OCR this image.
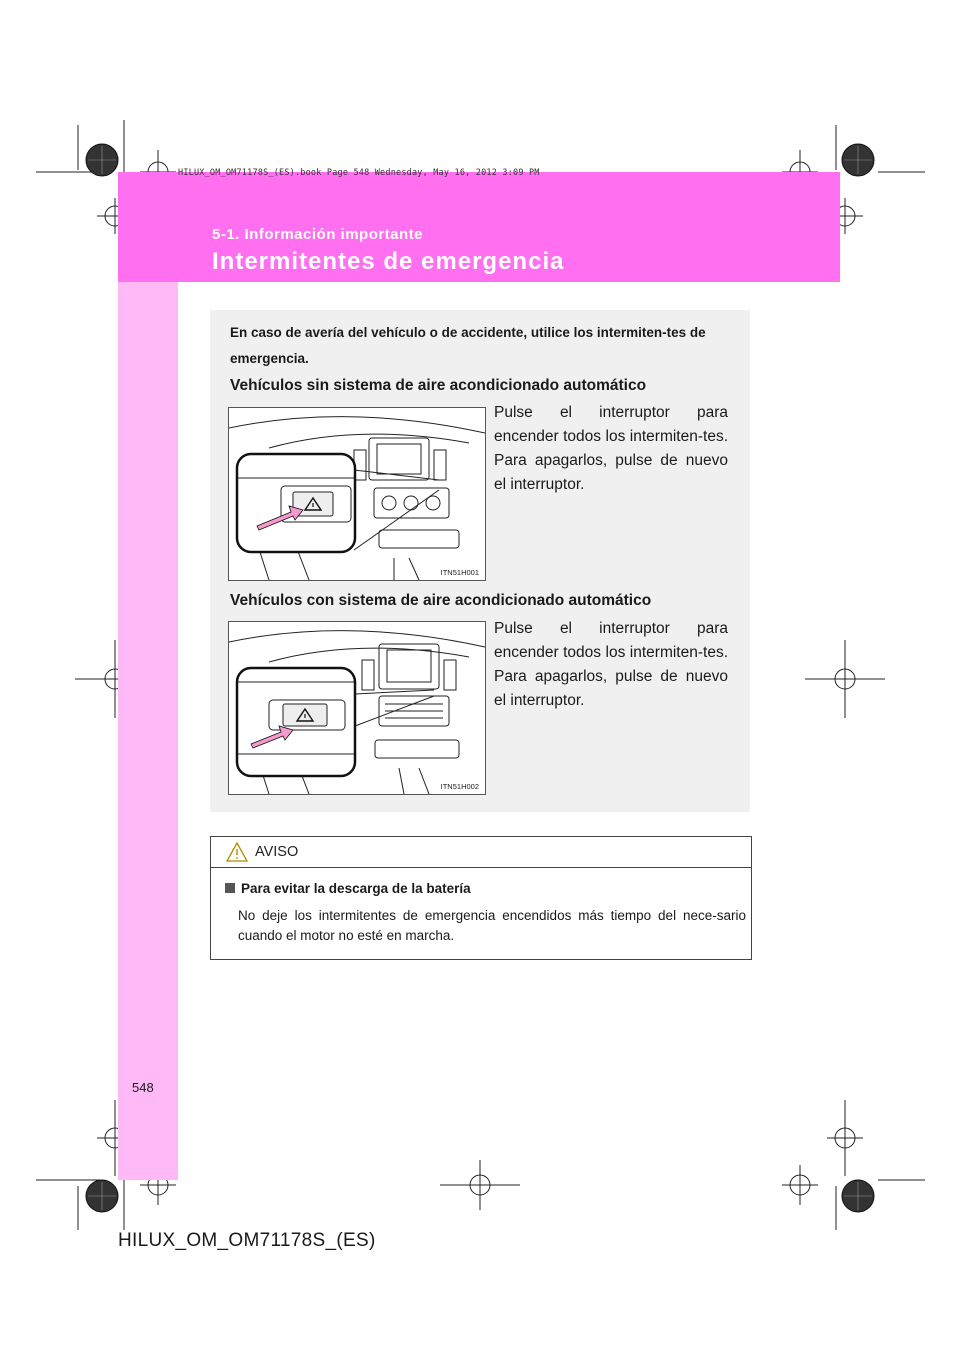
HILUX_OM_OM71178S_(ES).book Page 548 Wednesday, May 16, 2012 3:09 PM
5-1. Información importante
Intermitentes de emergencia
En caso de avería del vehículo o de accidente, utilice los intermiten-tes de emergencia.
Vehículos sin sistema de aire acondicionado automático
ITN51H001
Pulse el interruptor para encender todos los intermiten-tes. Para apagarlos, pulse de nuevo el interruptor.
Vehículos con sistema de aire acondicionado automático
ITN51H002
Pulse el interruptor para encender todos los intermiten-tes. Para apagarlos, pulse de nuevo el interruptor.
AVISO
Para evitar la descarga de la batería
No deje los intermitentes de emergencia encendidos más tiempo del nece-sario cuando el motor no esté en marcha.
548
HILUX_OM_OM71178S_(ES)
